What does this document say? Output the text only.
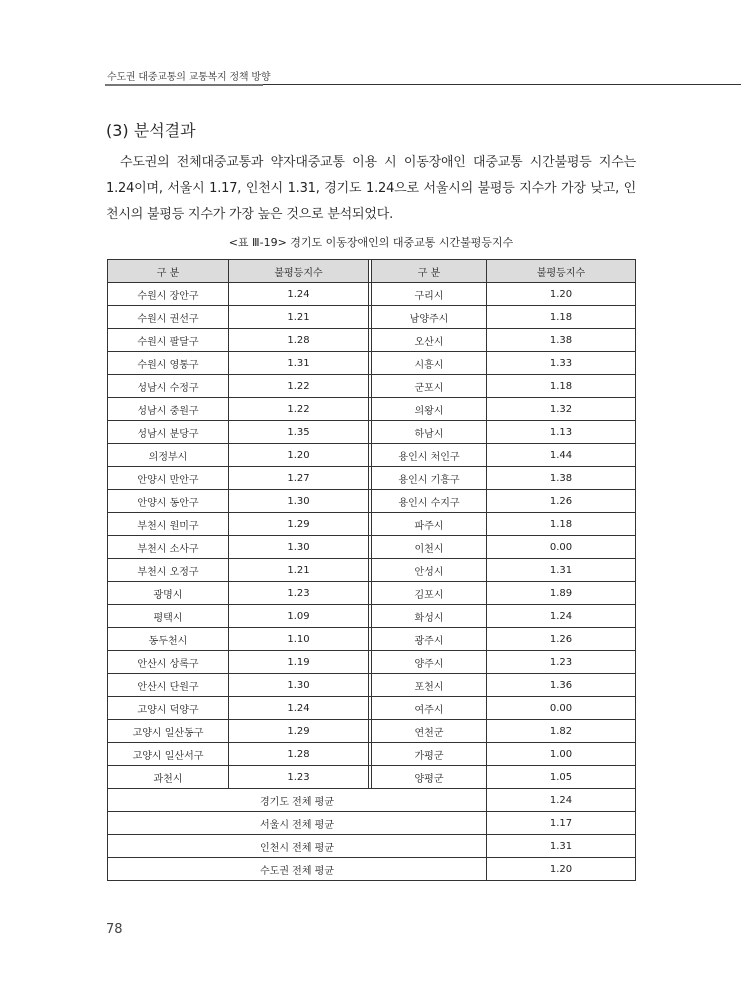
수도권 대중교통의 교통복지 정책 방향
(3) 분석결과

수도권의 전체대중교통과 약자대중교통 이용 시 이동장애인 대중교통 시간불평등 지수는 1.24이며, 서울시 1.17, 인천시 1.31, 경기도 1.24으로 서울시의 불평등 지수가 가장 낮고, 인천시의 불평등 지수가 가장 높은 것으로 분석되었다.

<표 Ⅲ-19> 경기도 이동장애인의 대중교통 시간불평등지수
구 분	불평등지수		구 분	불평등지수
수원시 장안구	1.24		구리시	1.20
수원시 권선구	1.21		남양주시	1.18
수원시 팔달구	1.28		오산시	1.38
수원시 영통구	1.31		시흥시	1.33
성남시 수정구	1.22		군포시	1.18
성남시 중원구	1.22		의왕시	1.32
성남시 분당구	1.35		하남시	1.13
의정부시	1.20		용인시 처인구	1.44
안양시 만안구	1.27		용인시 기흥구	1.38
안양시 동안구	1.30		용인시 수지구	1.26
부천시 원미구	1.29		파주시	1.18
부천시 소사구	1.30		이천시	0.00
부천시 오정구	1.21		안성시	1.31
광명시	1.23		김포시	1.89
평택시	1.09		화성시	1.24
동두천시	1.10		광주시	1.26
안산시 상록구	1.19		양주시	1.23
안산시 단원구	1.30		포천시	1.36
고양시 덕양구	1.24		여주시	0.00
고양시 일산동구	1.29		연천군	1.82
고양시 일산서구	1.28		가평군	1.00
과천시	1.23		양평군	1.05
경기도 전체 평균				1.24
서울시 전체 평균				1.17
인천시 전체 평균				1.31
수도권 전체 평균				1.20
78
